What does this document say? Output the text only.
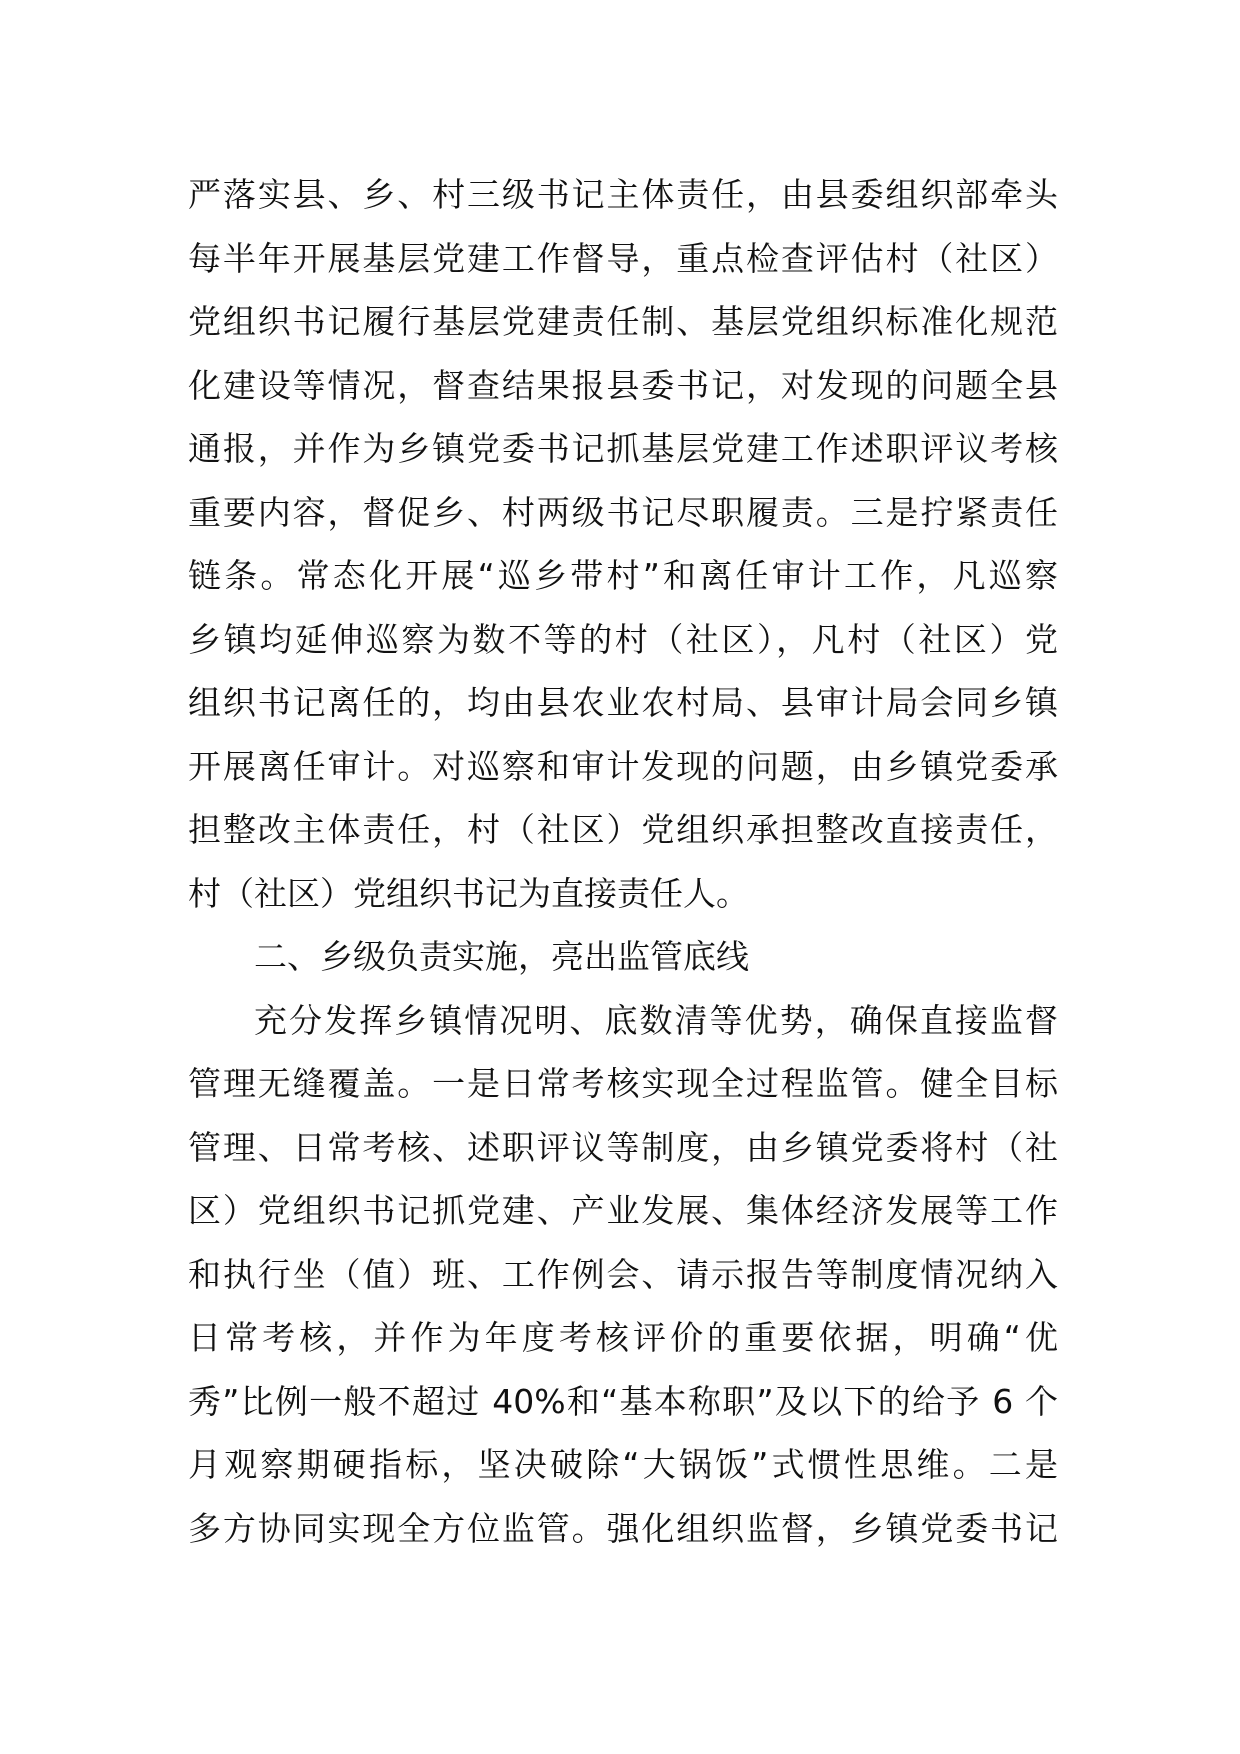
严落实县、乡、村三级书记主体责任，由县委组织部牵头
每半年开展基层党建工作督导，重点检查评估村（社区）
党组织书记履行基层党建责任制、基层党组织标准化规范
化建设等情况，督查结果报县委书记，对发现的问题全县
通报，并作为乡镇党委书记抓基层党建工作述职评议考核
重要内容，督促乡、村两级书记尽职履责。三是拧紧责任
链条。常态化开展“巡乡带村”和离任审计工作，凡巡察
乡镇均延伸巡察为数不等的村（社区），凡村（社区）党
组织书记离任的，均由县农业农村局、县审计局会同乡镇
开展离任审计。对巡察和审计发现的问题，由乡镇党委承
担整改主体责任，村（社区）党组织承担整改直接责任，
村（社区）党组织书记为直接责任人。
二、乡级负责实施，亮出监管底线
充分发挥乡镇情况明、底数清等优势，确保直接监督
管理无缝覆盖。一是日常考核实现全过程监管。健全目标
管理、日常考核、述职评议等制度，由乡镇党委将村（社
区）党组织书记抓党建、产业发展、集体经济发展等工作
和执行坐（值）班、工作例会、请示报告等制度情况纳入
日常考核，并作为年度考核评价的重要依据，明确“优
秀”比例一般不超过 40%和“基本称职”及以下的给予 6 个
月观察期硬指标，坚决破除“大锅饭”式惯性思维。二是
多方协同实现全方位监管。强化组织监督，乡镇党委书记
